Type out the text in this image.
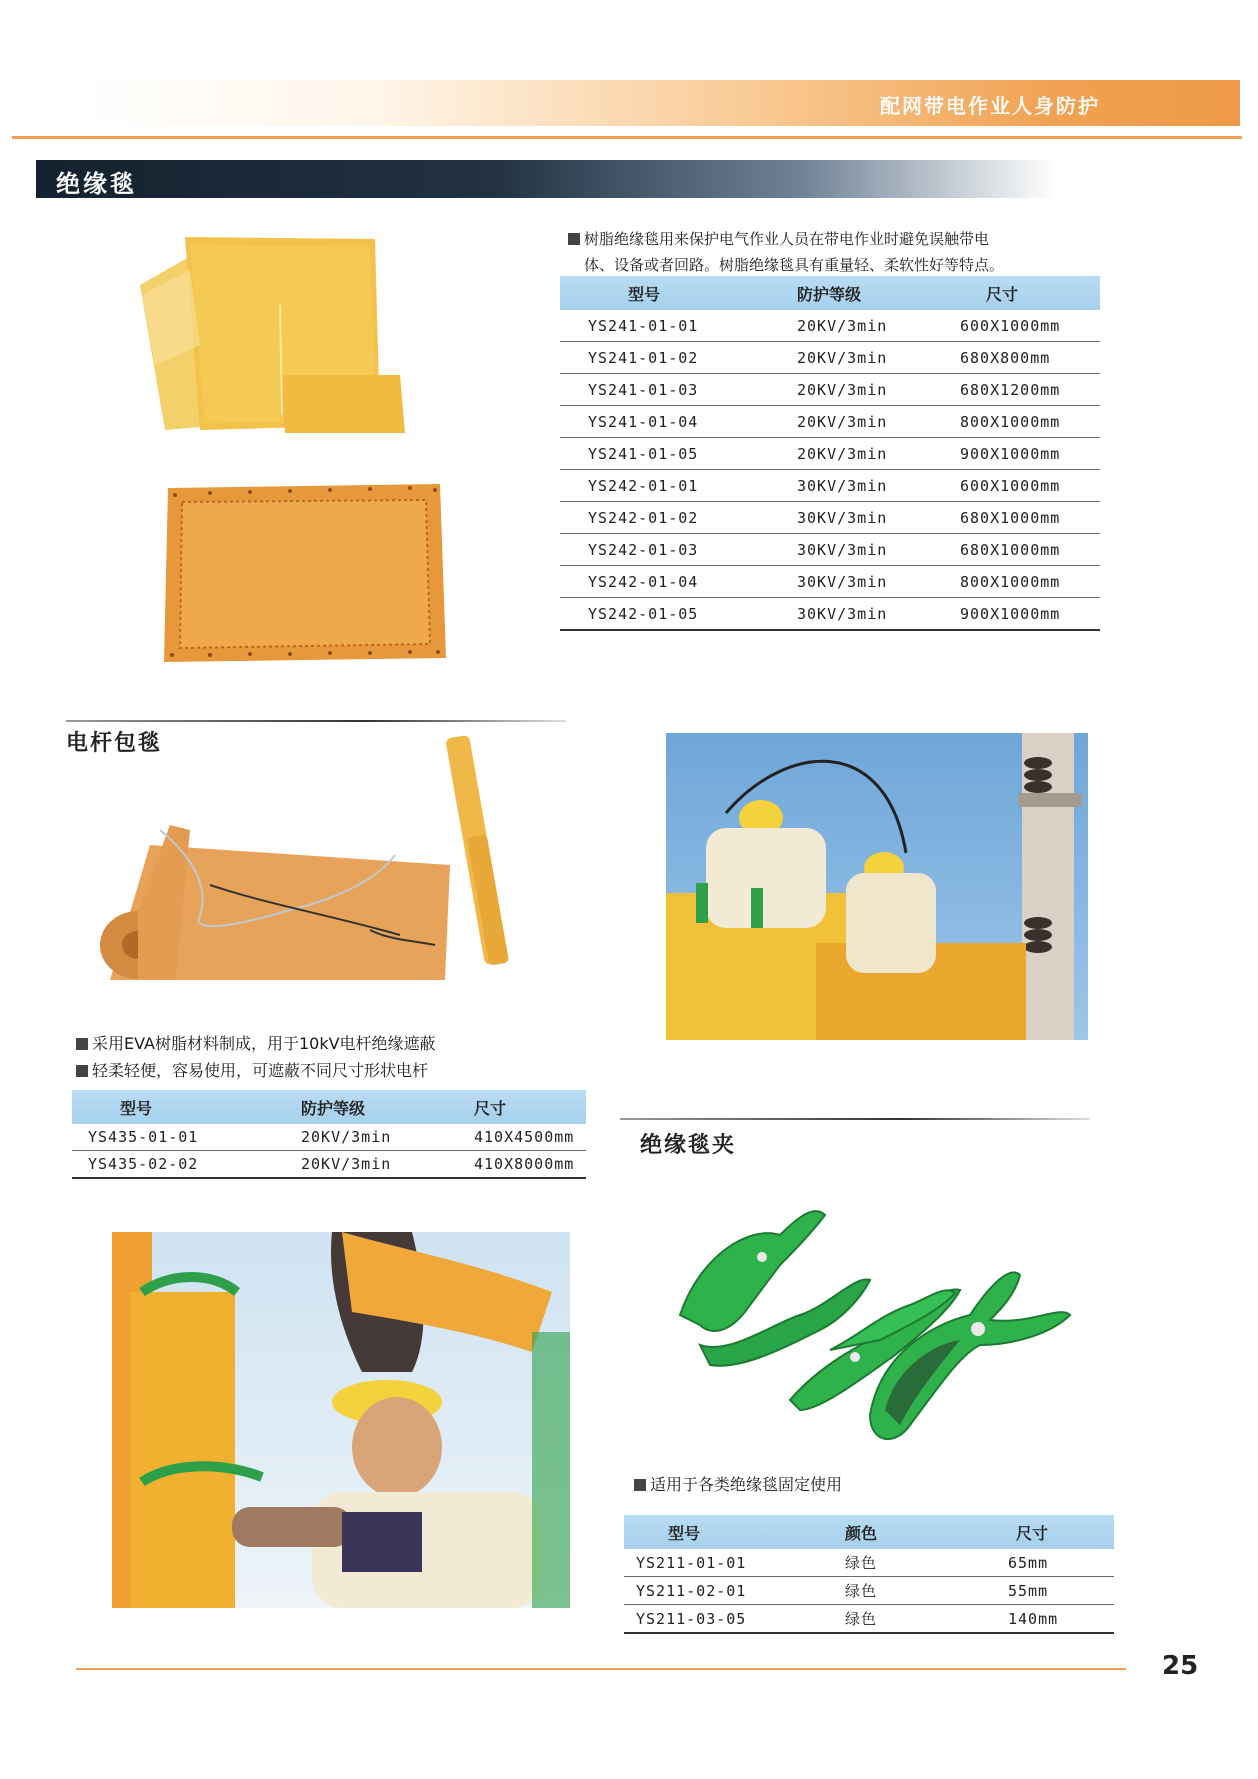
配网带电作业人身防护
绝缘毯
树脂绝缘毯用来保护电气作业人员在带电作业时避免误触带电
体、设备或者回路。树脂绝缘毯具有重量轻、柔软性好等特点。
型号	防护等级	尺寸
YS241-01-01	20KV/3min	600X1000mm
YS241-01-02	20KV/3min	680X800mm
YS241-01-03	20KV/3min	680X1200mm
YS241-01-04	20KV/3min	800X1000mm
YS241-01-05	20KV/3min	900X1000mm
YS242-01-01	30KV/3min	600X1000mm
YS242-01-02	30KV/3min	680X1000mm
YS242-01-03	30KV/3min	680X1000mm
YS242-01-04	30KV/3min	800X1000mm
YS242-01-05	30KV/3min	900X1000mm
电杆包毯
采用EVA树脂材料制成，用于10kV电杆绝缘遮蔽
轻柔轻便，容易使用，可遮蔽不同尺寸形状电杆
型号	防护等级	尺寸
YS435-01-01	20KV/3min	410X4500mm
YS435-02-02	20KV/3min	410X8000mm
绝缘毯夹
适用于各类绝缘毯固定使用
型号	颜色	尺寸
YS211-01-01	绿色	65mm
YS211-02-01	绿色	55mm
YS211-03-05	绿色	140mm
25
